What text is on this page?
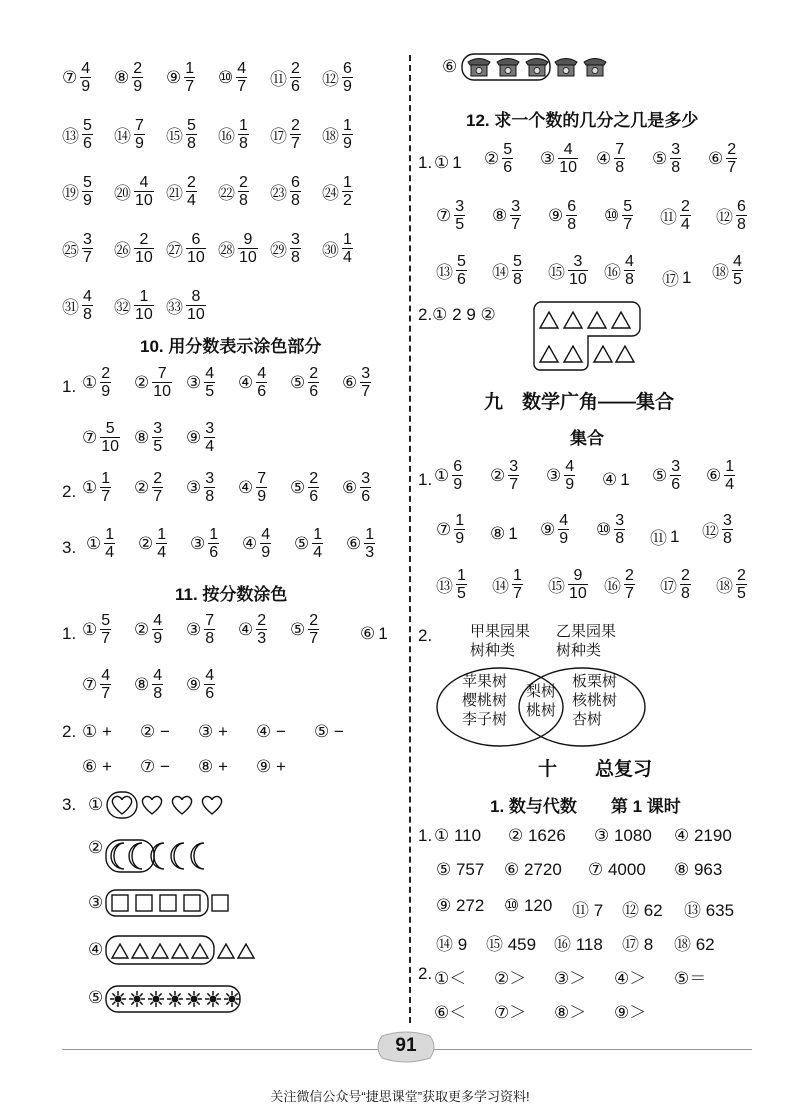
⑦ $\frac{4}{9}$ ⑧ $\frac{2}{9}$ ⑨ $\frac{1}{7}$ ⑩ $\frac{4}{7}$ ⑪ $\frac{2}{6}$ ⑫ $\frac{6}{9}$
⑬ $\frac{5}{6}$ ⑭ $\frac{7}{9}$ ⑮ $\frac{5}{8}$ ⑯ $\frac{1}{8}$ ⑰ $\frac{2}{7}$ ⑱ $\frac{1}{9}$
⑲ $\frac{5}{9}$ ⑳ $\frac{4}{10}$ ㉑ $\frac{2}{4}$ ㉒ $\frac{2}{8}$ ㉓ $\frac{6}{8}$ ㉔ $\frac{1}{2}$
㉕ $\frac{3}{7}$ ㉖ $\frac{2}{10}$ ㉗ $\frac{6}{10}$ ㉘ $\frac{9}{10}$ ㉙ $\frac{3}{8}$ ㉚ $\frac{1}{4}$
㉛ $\frac{4}{8}$ ㉜ $\frac{1}{10}$ ㉝ $\frac{8}{10}$
10. 用分数表示涂色部分
1. ① $\frac{2}{9}$ ② $\frac{7}{10}$ ③ $\frac{4}{5}$ ④ $\frac{4}{6}$ ⑤ $\frac{2}{6}$ ⑥ $\frac{3}{7}$
⑦ $\frac{5}{10}$ ⑧ $\frac{3}{5}$ ⑨ $\frac{3}{4}$
2. ① $\frac{1}{7}$ ② $\frac{2}{7}$ ③ $\frac{3}{8}$ ④ $\frac{7}{9}$ ⑤ $\frac{2}{6}$ ⑥ $\frac{3}{6}$
3. ① $\frac{1}{4}$ ② $\frac{1}{4}$ ③ $\frac{1}{6}$ ④ $\frac{4}{9}$ ⑤ $\frac{1}{4}$ ⑥ $\frac{1}{3}$
11. 按分数涂色
1. ① $\frac{5}{7}$ ② $\frac{4}{9}$ ③ $\frac{7}{8}$ ④ $\frac{2}{3}$ ⑤ $\frac{2}{7}$ ⑥ 1
⑦ $\frac{4}{7}$ ⑧ $\frac{4}{8}$ ⑨ $\frac{4}{6}$
2. ① + ② − ③ + ④ − ⑤ −
⑥ + ⑦ − ⑧ + ⑨ +
3. ①
②
③
④
⑤
⑥
12. 求一个数的几分之几是多少
1. ① 1 ② $\frac{5}{6}$ ③ $\frac{4}{10}$ ④ $\frac{7}{8}$ ⑤ $\frac{3}{8}$ ⑥ $\frac{2}{7}$
⑦ $\frac{3}{5}$ ⑧ $\frac{3}{7}$ ⑨ $\frac{6}{8}$ ⑩ $\frac{5}{7}$ ⑪ $\frac{2}{4}$ ⑫ $\frac{6}{8}$
⑬ $\frac{5}{6}$ ⑭ $\frac{5}{8}$ ⑮ $\frac{3}{10}$ ⑯ $\frac{4}{8}$ ⑰ 1 ⑱ $\frac{4}{5}$
2.① 2 9 ②
九　数学广角——集合
集合
1. ① $\frac{6}{9}$ ② $\frac{3}{7}$ ③ $\frac{4}{9}$ ④ 1 ⑤ $\frac{3}{6}$ ⑥ $\frac{1}{4}$
⑦ $\frac{1}{9}$ ⑧ 1 ⑨ $\frac{4}{9}$ ⑩ $\frac{3}{8}$ ⑪ 1 ⑫ $\frac{3}{8}$
⑬ $\frac{1}{5}$ ⑭ $\frac{1}{7}$ ⑮ $\frac{9}{10}$ ⑯ $\frac{2}{7}$ ⑰ $\frac{2}{8}$ ⑱ $\frac{2}{5}$
2.	甲果园果
树种类
乙果园果
树种类
苹果树
樱桃树
李子树
梨树
桃树
板栗树
核桃树
杏树
十　　总复习
1. 数与代数　　第 1 课时
1. ① 110 ② 1626 ③ 1080 ④ 2190
⑤ 757 ⑥ 2720 ⑦ 4000 ⑧ 963
⑨ 272 ⑩ 120 ⑪ 7 ⑫ 62 ⑬ 635
⑭ 9 ⑮ 459 ⑯ 118 ⑰ 8 ⑱ 62
2. ①＜ ②＞ ③＞ ④＞ ⑤＝
⑥＜ ⑦＞ ⑧＞ ⑨＞
91
关注微信公众号“捷思课堂”获取更多学习资料!
